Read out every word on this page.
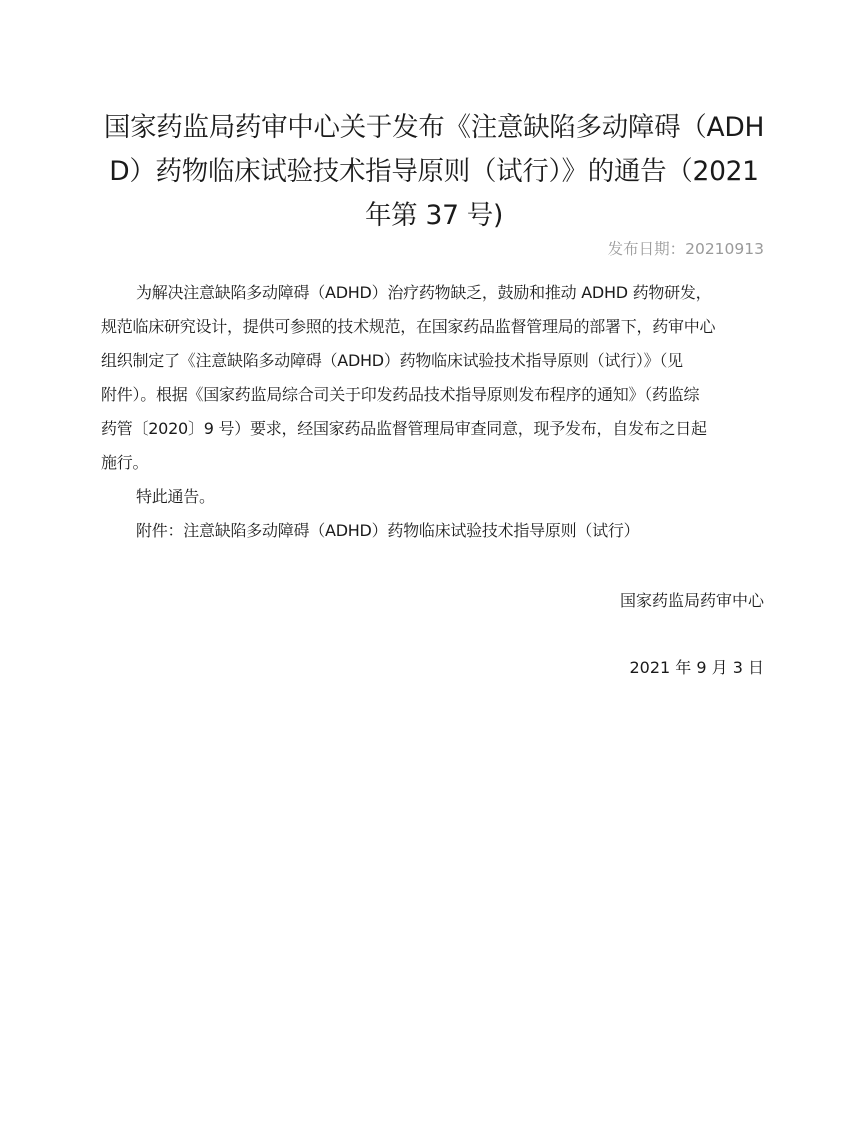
国家药监局药审中心关于发布《注意缺陷多动障碍（ADH
D）药物临床试验技术指导原则（试行）》的通告（2021
年第 37 号)
发布日期：20210913
为解决注意缺陷多动障碍（ADHD）治疗药物缺乏，鼓励和推动 ADHD 药物研发，
规范临床研究设计，提供可参照的技术规范，在国家药品监督管理局的部署下，药审中心
组织制定了《注意缺陷多动障碍（ADHD）药物临床试验技术指导原则（试行）》（见
附件）。根据《国家药监局综合司关于印发药品技术指导原则发布程序的通知》（药监综
药管〔2020〕9 号）要求，经国家药品监督管理局审查同意，现予发布，自发布之日起
施行。
特此通告。
附件：注意缺陷多动障碍（ADHD）药物临床试验技术指导原则（试行）
国家药监局药审中心
2021 年 9 月 3 日
